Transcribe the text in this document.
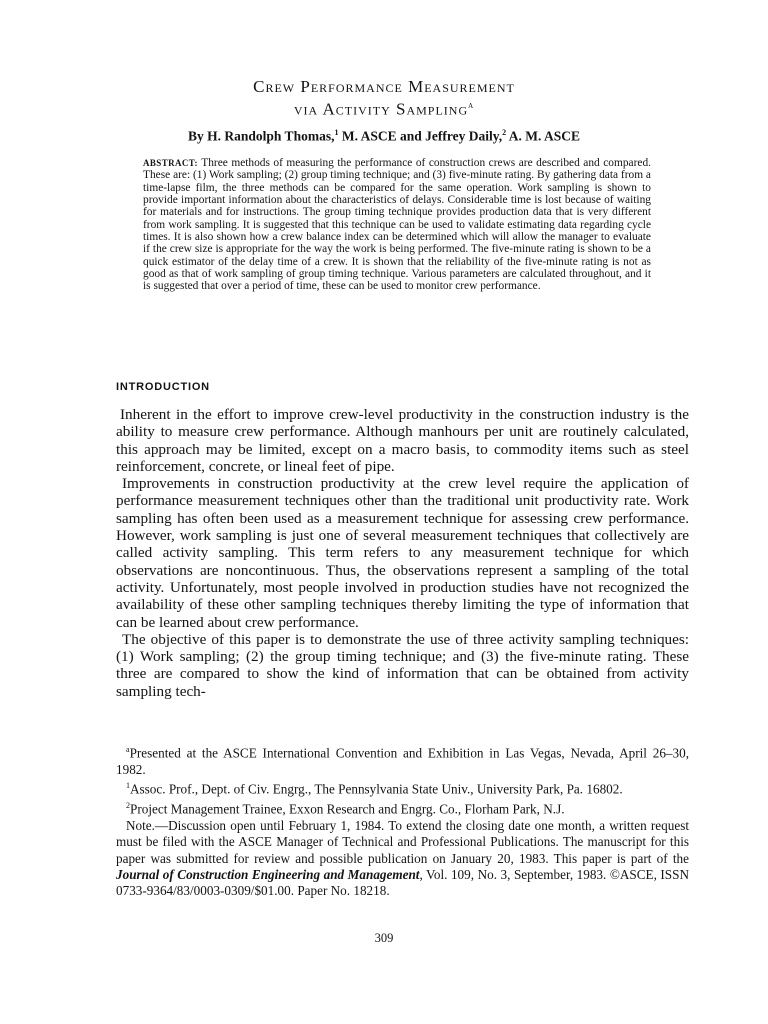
Crew Performance Measurement
via Activity Sampling$^a$
By H. Randolph Thomas,$^1$ M. ASCE and Jeffrey Daily,$^2$ A. M. ASCE
ABSTRACT: Three methods of measuring the performance of construction crews are described and compared. These are: (1) Work sampling; (2) group timing technique; and (3) five-minute rating. By gathering data from a time-lapse film, the three methods can be compared for the same operation. Work sampling is shown to provide important information about the characteristics of delays. Considerable time is lost because of waiting for materials and for instructions. The group timing technique provides production data that is very different from work sampling. It is suggested that this technique can be used to validate estimating data regarding cycle times. It is also shown how a crew balance index can be determined which will allow the manager to evaluate if the crew size is appropriate for the way the work is being performed. The five-minute rating is shown to be a quick estimator of the delay time of a crew. It is shown that the reliability of the five-minute rating is not as good as that of work sampling of group timing technique. Various parameters are calculated throughout, and it is suggested that over a period of time, these can be used to monitor crew performance.
INTRODUCTION

Inherent in the effort to improve crew-level productivity in the construction industry is the ability to measure crew performance. Although manhours per unit are routinely calculated, this approach may be limited, except on a macro basis, to commodity items such as steel reinforcement, concrete, or lineal feet of pipe.

Improvements in construction productivity at the crew level require the application of performance measurement techniques other than the traditional unit productivity rate. Work sampling has often been used as a measurement technique for assessing crew performance. However, work sampling is just one of several measurement techniques that collectively are called activity sampling. This term refers to any measurement technique for which observations are noncontinuous. Thus, the observations represent a sampling of the total activity. Unfortunately, most people involved in production studies have not recognized the availability of these other sampling techniques thereby limiting the type of information that can be learned about crew performance.

The objective of this paper is to demonstrate the use of three activity sampling techniques: (1) Work sampling; (2) the group timing technique; and (3) the five-minute rating. These three are compared to show the kind of information that can be obtained from activity sampling tech-

$^a$Presented at the ASCE International Convention and Exhibition in Las Vegas, Nevada, April 26–30, 1982.

$^1$Assoc. Prof., Dept. of Civ. Engrg., The Pennsylvania State Univ., University Park, Pa. 16802.

$^2$Project Management Trainee, Exxon Research and Engrg. Co., Florham Park, N.J.

Note.—Discussion open until February 1, 1984. To extend the closing date one month, a written request must be filed with the ASCE Manager of Technical and Professional Publications. The manuscript for this paper was submitted for review and possible publication on January 20, 1983. This paper is part of the Journal of Construction Engineering and Management, Vol. 109, No. 3, September, 1983. ©ASCE, ISSN 0733-9364/83/0003-0309/$01.00. Paper No. 18218.

309
